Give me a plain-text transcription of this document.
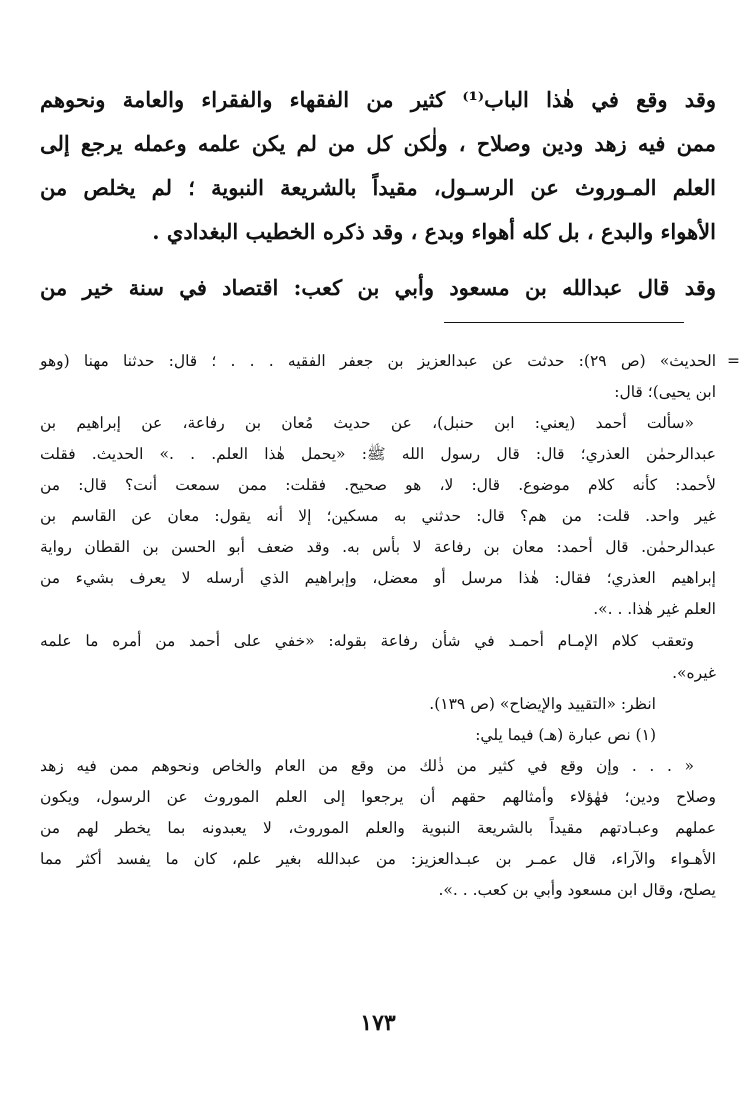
وقد وقع في هٰذا الباب⁽¹⁾ كثير من الفقهاء والفقراء والعامة ونحوهم
ممن فيه زهد ودين وصلاح ، ولٰكن كل من لم يكن علمه وعمله يرجع إلى
العلم المـوروث عن الرسـول، مقيداً بالشريعة النبوية ؛ لم يخلص من
الأهواء والبدع ، بل كله أهواء وبدع ، وقد ذكره الخطيب البغدادي .
وقد قال عبدالله بن مسعود وأبي بن كعب: اقتصاد في سنة خير من
=
الحديث» (ص ٢٩): حدثت عن عبدالعزيز بن جعفر الفقيه . . . ؛ قال: حدثنا مهنا (وهو
ابن يحيى)؛ قال:
«سألت أحمد (يعني: ابن حنبل)، عن حديث مُعان بن رفاعة، عن إبراهيم بن
عبدالرحمٰن العذري؛ قال: قال رسول الله ﷺ: «يحمل هٰذا العلم. . .» الحديث. فقلت
لأحمد: كأنه كلام موضوع. قال: لا، هو صحيح. فقلت: ممن سمعت أنت؟ قال: من
غير واحد. قلت: من هم؟ قال: حدثني به مسكين؛ إلا أنه يقول: معان عن القاسم بن
عبدالرحمٰن. قال أحمد: معان بن رفاعة لا بأس به. وقد ضعف أبو الحسن بن القطان رواية
إبراهيم العذري؛ فقال: هٰذا مرسل أو معضل، وإبراهيم الذي أرسله لا يعرف بشيء من
العلم غير هٰذا. . .».
وتعقب كلام الإمـام أحمـد في شأن رفاعة بقوله: «خفي على أحمد من أمره ما علمه
غيره».
انظر: «التقييد والإيضاح» (ص ١٣٩).
(١) نص عبارة (هـ) فيما يلي:
« . . . وإن وقع في كثير من ذٰلك من وقع من العام والخاص ونحوهم ممن فيه زهد
وصلاح ودين؛ فهٰؤلاء وأمثالهم حقهم أن يرجعوا إلى العلم الموروث عن الرسول، ويكون
عملهم وعبـادتهم مقيداً بالشريعة النبوية والعلم الموروث، لا يعبدونه بما يخطر لهم من
الأهـواء والآراء، قال عمـر بن عبـدالعزيز: من عبدالله بغير علم، كان ما يفسد أكثر مما
يصلح، وقال ابن مسعود وأبي بن كعب. . .».
١٧٣
